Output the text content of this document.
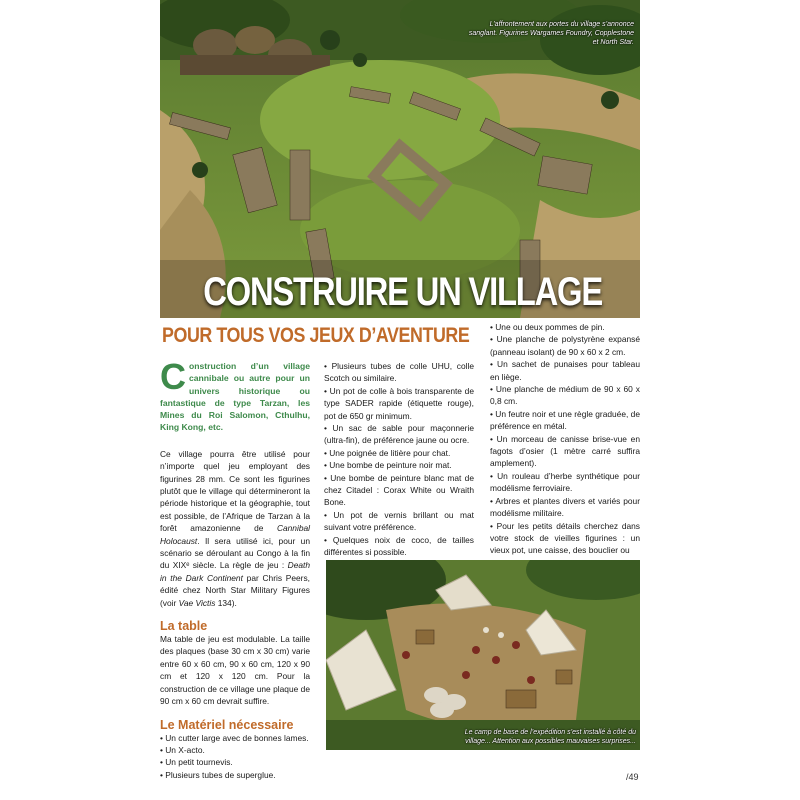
L’affrontement aux portes du village s’annonce sanglant. Figurines Wargames Foundry, Copplestone et North Star.
CONSTRUIRE UN VILLAGE
POUR TOUS VOS JEUX D’AVENTURE
Construction d’un village cannibale ou autre pour un univers historique ou fantastique de type Tarzan, les Mines du Roi Salomon, Cthulhu, King Kong, etc.
Ce village pourra être utilisé pour n’importe quel jeu employant des figurines 28 mm. Ce sont les figurines plutôt que le village qui détermineront la période historique et la géographie, tout est possible, de l’Afrique de Tarzan à la forêt amazonienne de Cannibal Holocaust. Il sera utilisé ici, pour un scénario se déroulant au Congo à la fin du XIXᵉ siècle. La règle de jeu : Death in the Dark Continent par Chris Peers, édité chez North Star Military Figures (voir Vae Victis 134).
La table
Ma table de jeu est modulable. La taille des plaques (base 30 cm x 30 cm) varie entre 60 x 60 cm, 90 x 60 cm, 120 x 90 cm et 120 x 120 cm. Pour la construction de ce village une plaque de 90 cm x 60 cm devrait suffire.
Le Matériel nécessaire
• Un cutter large avec de bonnes lames.
• Un X-acto.
• Un petit tournevis.
• Plusieurs tubes de superglue.
• Plusieurs tubes de colle UHU, colle Scotch ou similaire.
• Un pot de colle à bois transparente de type SADER rapide (étiquette rouge), pot de 650 gr minimum.
• Un sac de sable pour maçonnerie (ultra-fin), de préférence jaune ou ocre.
• Une poignée de litière pour chat.
• Une bombe de peinture noir mat.
• Une bombe de peinture blanc mat de chez Citadel : Corax White ou Wraith Bone.
• Un pot de vernis brillant ou mat suivant votre préférence.
• Quelques noix de coco, de tailles différentes si possible.
• Une ou deux pommes de pin.
• Une planche de polystyrène expansé (panneau isolant) de 90 x 60 x 2 cm.
• Un sachet de punaises pour tableau en liège.
• Une planche de médium de 90 x 60 x 0,8 cm.
• Un feutre noir et une règle graduée, de préférence en métal.
• Un morceau de canisse brise-vue en fagots d’osier (1 mètre carré suffira amplement).
• Un rouleau d’herbe synthétique pour modélisme ferroviaire.
• Arbres et plantes divers et variés pour modélisme militaire.
• Pour les petits détails cherchez dans votre stock de vieilles figurines : un vieux pot, une caisse, des bouclier ou
Le camp de base de l’expédition s’est installé à côté du village... Attention aux possibles mauvaises surprises...
/49
